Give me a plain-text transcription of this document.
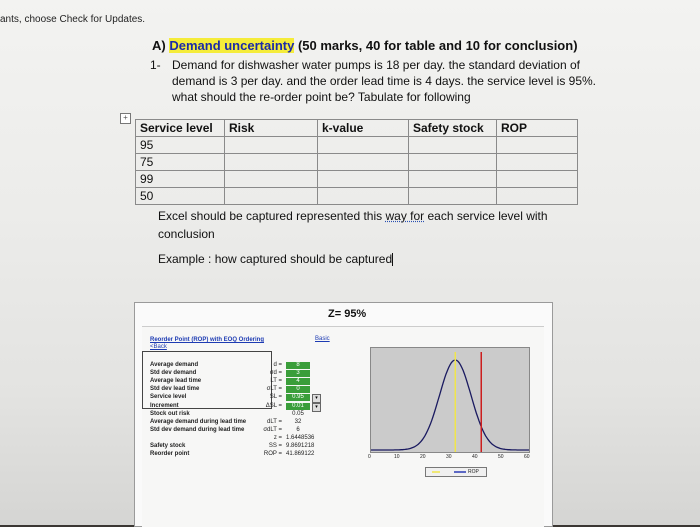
ants, choose Check for Updates.
A) Demand uncertainty (50 marks, 40 for table and 10 for conclusion)
1- Demand for dishwasher water pumps is 18 per day. the standard deviation of demand is 3 per day. and the order lead time is 4 days. the service level is 95%. what should the re-order point be? Tabulate for following
+
Service level	Risk	k-value	Safety stock	ROP
95				
75				
99				
50				
Excel should be captured represented this way for each service level with conclusion
Example : how captured should be captured
Z= 95%
Reorder Point (ROP) with EOQ Ordering
<Back
Basic
Average demand	d =	8
Std dev demand	σd =	3
Average lead time	LT =	4
Std dev lead time	σLT =	0
Service level	SL =	0.95
Increment	ΔSL =	0.01
Stock out risk	0.05
Average demand during lead time	dLT =	32
Std dev demand during lead time	σdLT =	6
z = 1.6448536
Safety stock	SS = 9.8691218
Reorder point	ROP = 41.869122
▾
▾
0	10	20	30	40	50	60
ROP
